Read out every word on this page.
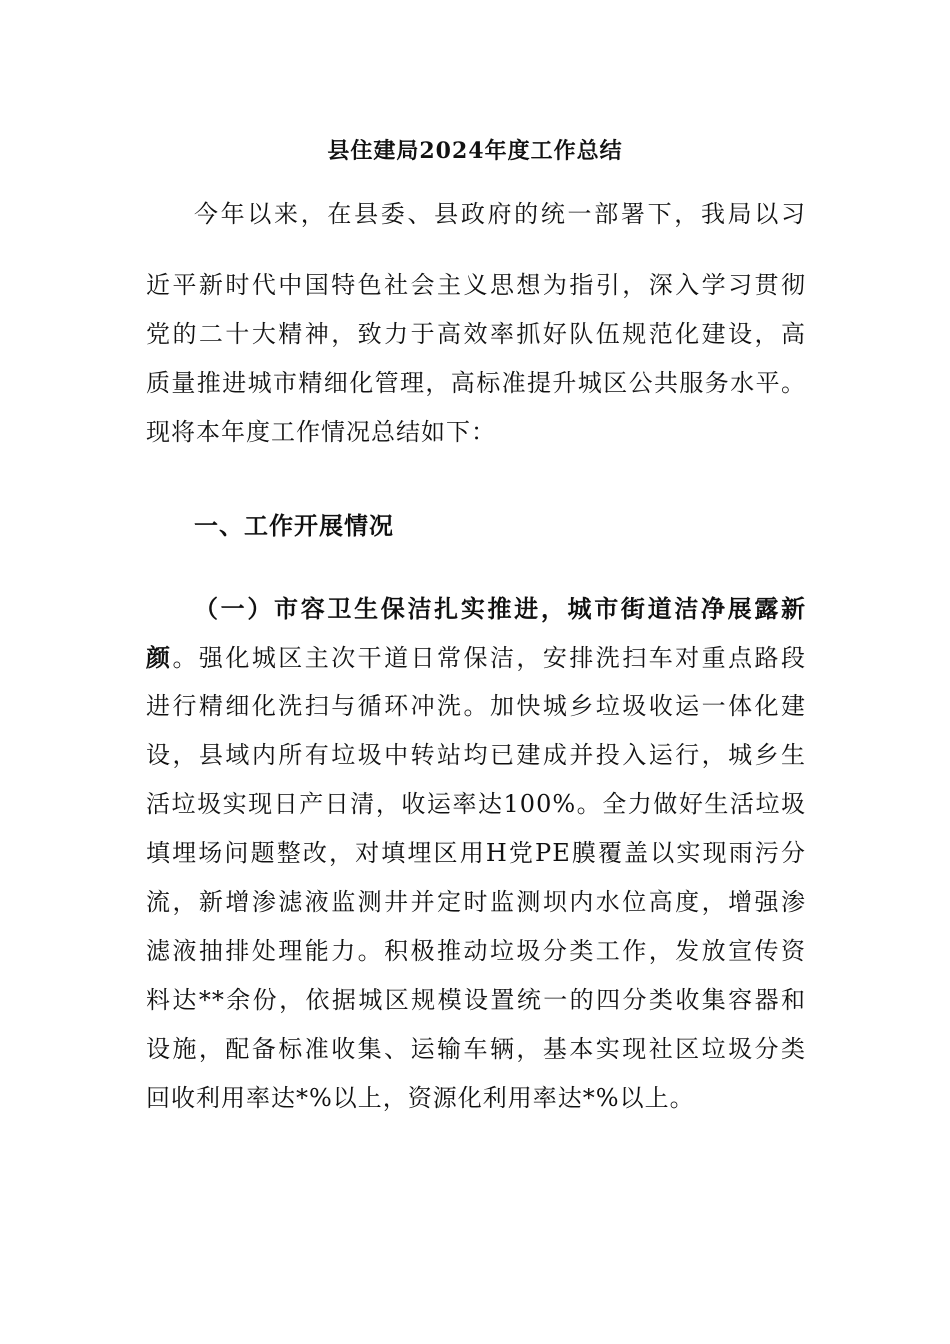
县住建局2024年度工作总结
今年以来，在县委、县政府的统一部署下，我局以习
近平新时代中国特色社会主义思想为指引，深入学习贯彻
党的二十大精神，致力于高效率抓好队伍规范化建设，高
质量推进城市精细化管理，高标准提升城区公共服务水平。
现将本年度工作情况总结如下：
一、工作开展情况
（一）市容卫生保洁扎实推进，城市街道洁净展露新
颜。强化城区主次干道日常保洁，安排洗扫车对重点路段
进行精细化洗扫与循环冲洗。加快城乡垃圾收运一体化建
设，县域内所有垃圾中转站均已建成并投入运行，城乡生
活垃圾实现日产日清，收运率达100%。全力做好生活垃圾
填埋场问题整改，对填埋区用H党PE膜覆盖以实现雨污分
流，新增渗滤液监测井并定时监测坝内水位高度，增强渗
滤液抽排处理能力。积极推动垃圾分类工作，发放宣传资
料达**余份，依据城区规模设置统一的四分类收集容器和
设施，配备标准收集、运输车辆，基本实现社区垃圾分类
回收利用率达*%以上，资源化利用率达*%以上。
